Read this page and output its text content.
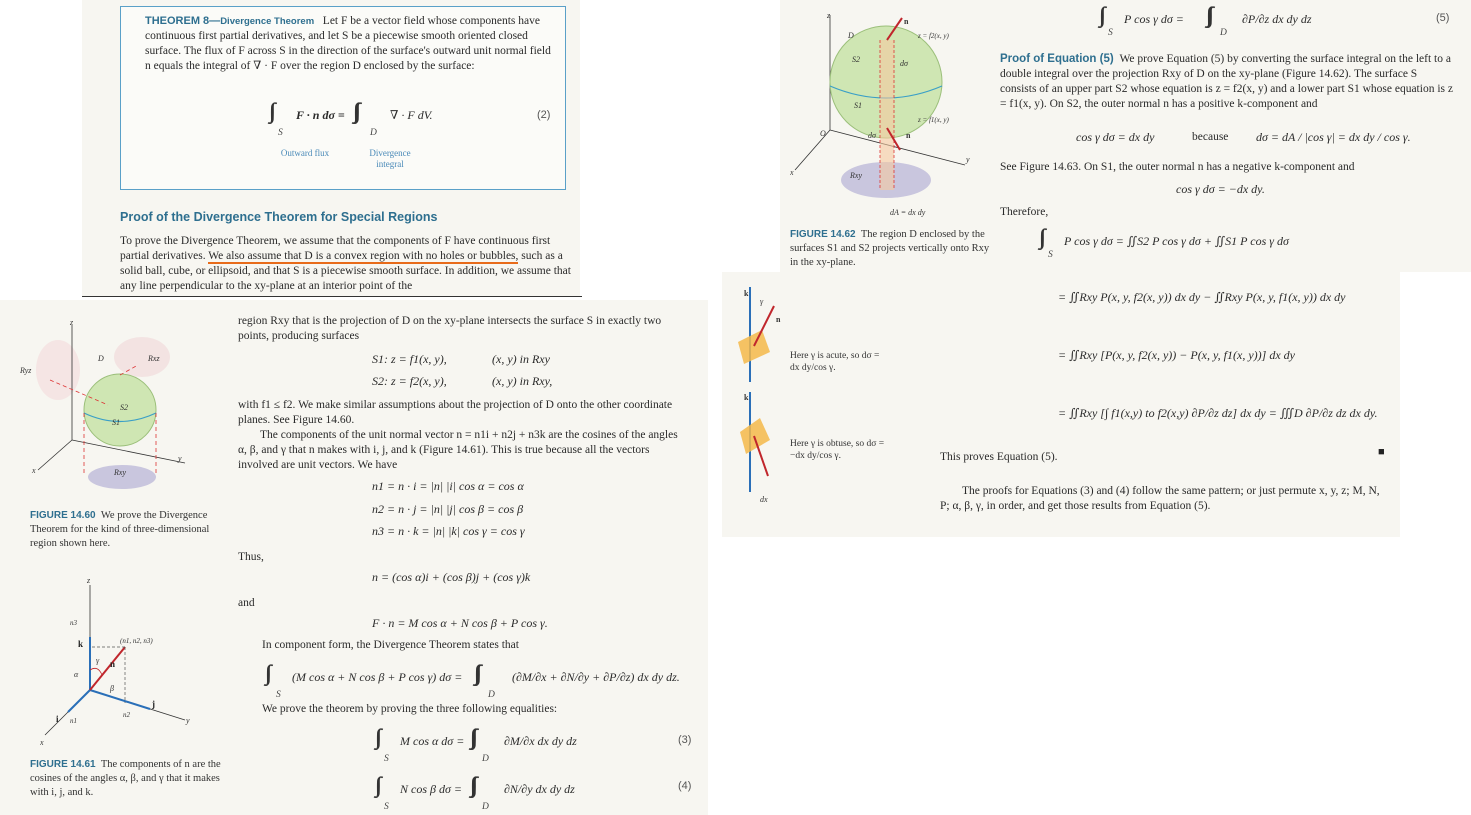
THEOREM 8—Divergence Theorem Let F be a vector field whose components have continuous first partial derivatives, and let S be a piecewise smooth oriented closed surface. The flux of F across S in the direction of the surface's outward unit normal field n equals the integral of ∇ · F over the region D enclosed by the surface:
S
F · n dσ =
D
∇ · F dV.	(2)
Outward flux	Divergence integral
Proof of the Divergence Theorem for Special Regions
To prove the Divergence Theorem, we assume that the components of F have continuous first partial derivatives. We also assume that D is a convex region with no holes or bubbles, such as a solid ball, cube, or ellipsoid, and that S is a piecewise smooth surface. In addition, we assume that any line perpendicular to the xy-plane at an interior point of the
D
Ryz
Rxz
S2
S1
Rxy
x
y
z
FIGURE 14.60 We prove the Divergence Theorem for the kind of three-dimensional region shown here.
k
i
j
n
(n1, n2, n3)
n3
n1
n2
α
β
γ
x
y
z
FIGURE 14.61 The components of n are the cosines of the angles α, β, and γ that it makes with i, j, and k.
region Rxy that is the projection of D on the xy-plane intersects the surface S in exactly two points, producing surfaces
S1: z = f1(x, y),	(x, y) in Rxy
S2: z = f2(x, y),	(x, y) in Rxy,
with f1 ≤ f2. We make similar assumptions about the projection of D onto the other coordinate planes. See Figure 14.60.
The components of the unit normal vector n = n1i + n2j + n3k are the cosines of the angles α, β, and γ that n makes with i, j, and k (Figure 14.61). This is true because all the vectors involved are unit vectors. We have
n1 = n · i = |n| |i| cos α = cos α
n2 = n · j = |n| |j| cos β = cos β
n3 = n · k = |n| |k| cos γ = cos γ
Thus,
n = (cos α)i + (cos β)j + (cos γ)k
and
F · n = M cos α + N cos β + P cos γ.
In component form, the Divergence Theorem states that
S
(M cos α + N cos β + P cos γ) dσ =
D
(∂M/∂x + ∂N/∂y + ∂P/∂z) dx dy dz.
We prove the theorem by proving the three following equalities:
S
M cos α dσ =
D
∂M/∂x dx dy dz	(3)
S
N cos β dσ =
D
∂N/∂y dx dy dz	(4)
D
n
z = f2(x, y)
S2	dσ
S1
z = f1(x, y)
dσ	n
O
Rxy
dA = dx dy
x
y
z
FIGURE 14.62 The region D enclosed by the surfaces S1 and S2 projects vertically onto Rxy in the xy-plane.
S
P cos γ dσ =
D
∂P/∂z dx dy dz	(5)
Proof of Equation (5) We prove Equation (5) by converting the surface integral on the left to a double integral over the projection Rxy of D on the xy-plane (Figure 14.62). The surface S consists of an upper part S2 whose equation is z = f2(x, y) and a lower part S1 whose equation is z = f1(x, y). On S2, the outer normal n has a positive k-component and
cos γ dσ = dx dy	because dσ = dA / |cos γ| = dx dy / cos γ.
See Figure 14.63. On S1, the outer normal n has a negative k-component and
cos γ dσ = −dx dy.
Therefore,
S
P cos γ dσ = ∬S2 P cos γ dσ + ∬S1 P cos γ dσ
= ∬Rxy P(x, y, f2(x, y)) dx dy − ∬Rxy P(x, y, f1(x, y)) dx dy
= ∬Rxy [P(x, y, f2(x, y)) − P(x, y, f1(x, y))] dx dy
= ∬Rxy [∫ f1(x,y) to f2(x,y) ∂P/∂z dz] dx dy = ∭D ∂P/∂z dz dx dy.
This proves Equation (5).	■
The proofs for Equations (3) and (4) follow the same pattern; or just permute x, y, z; M, N, P; α, β, γ, in order, and get those results from Equation (5).
k
γ
n
k
dx
Here γ is acute, so dσ = dx dy/cos γ.
Here γ is obtuse, so dσ = −dx dy/cos γ.
